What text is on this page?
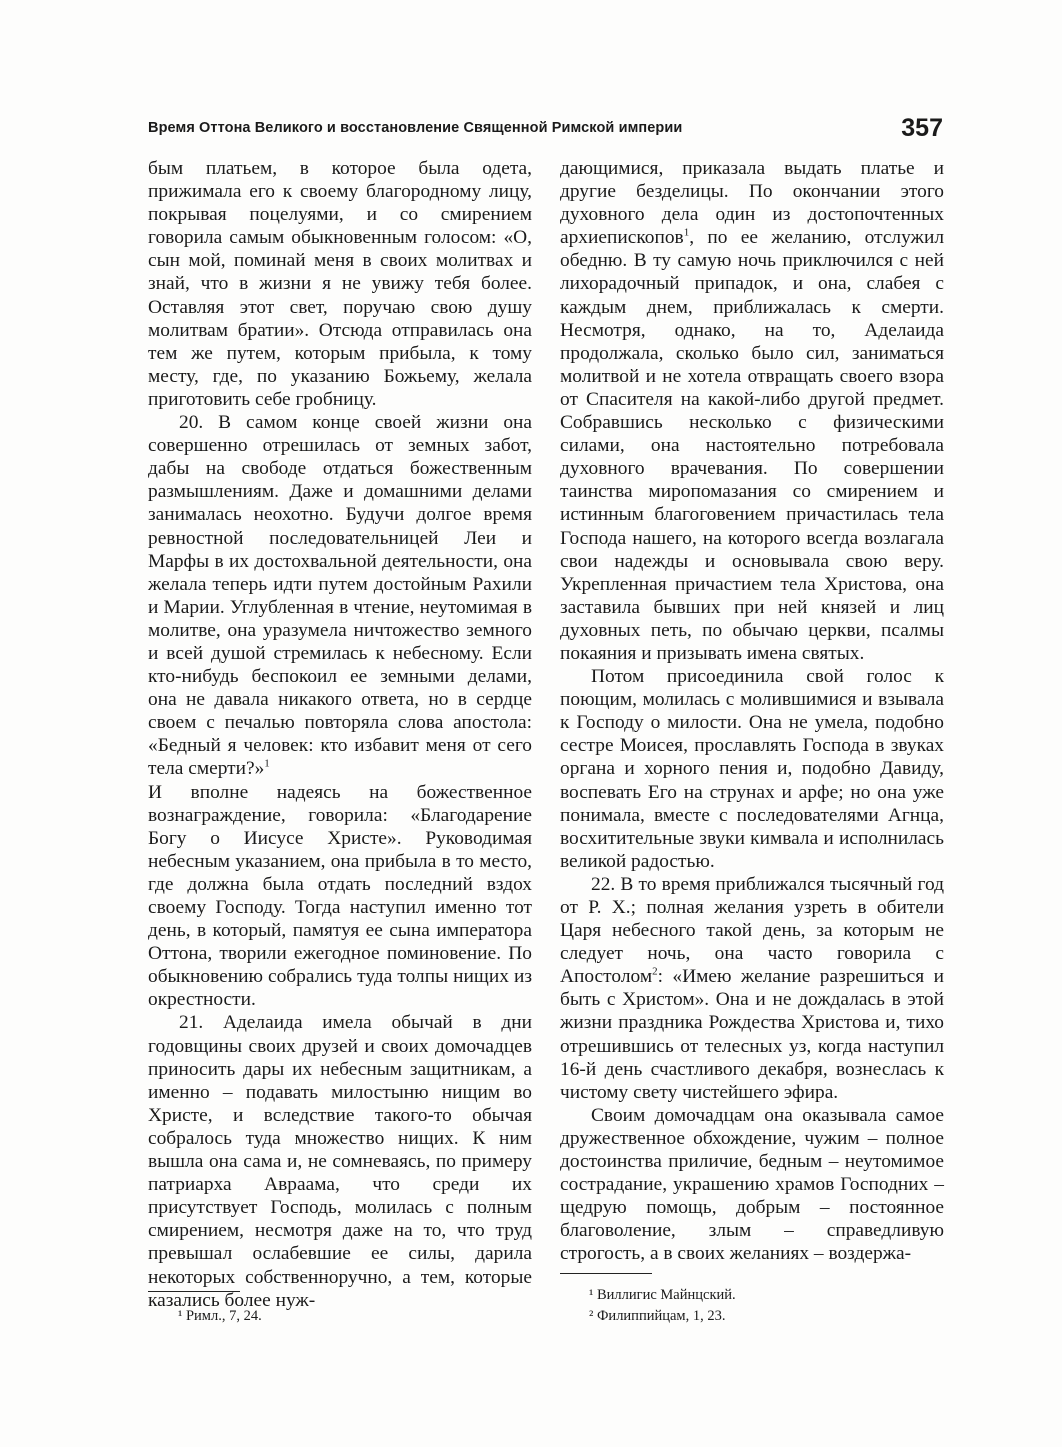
Время Оттона Великого и восстановление Священной Римской империи	357

бым платьем, в которое была одета, прижимала его к своему благородному лицу, покрывая поцелуями, и со смирением говорила самым обыкновенным голосом: «О, сын мой, поминай меня в своих молитвах и знай, что в жизни я не увижу тебя более. Оставляя этот свет, поручаю свою душу молитвам братии». Отсюда отправилась она тем же путем, которым прибыла, к тому месту, где, по указанию Божьему, желала приготовить себе гробницу.

20. В самом конце своей жизни она совершенно отрешилась от земных забот, дабы на свободе отдаться божественным размышлениям. Даже и домашними делами занималась неохотно. Будучи долгое время ревностной последовательницей Леи и Марфы в их достохвальной деятельности, она желала теперь идти путем достойным Рахили и Марии. Углубленная в чтение, неутомимая в молитве, она уразумела ничтожество земного и всей душой стремилась к небесному. Если кто-нибудь беспокоил ее земными делами, она не давала никакого ответа, но в сердце своем с печалью повторяла слова апостола: «Бедный я человек: кто избавит меня от сего тела смерти?»$^1$

И вполне надеясь на божественное вознаграждение, говорила: «Благодарение Богу о Иисусе Христе». Руководимая небесным указанием, она прибыла в то место, где должна была отдать последний вздох своему Господу. Тогда наступил именно тот день, в который, памятуя ее сына императора Оттона, творили ежегодное поминовение. По обыкновению собрались туда толпы нищих из окрестности.

21. Аделаида имела обычай в дни годовщины своих друзей и своих домочадцев приносить дары их небесным защитникам, а именно – подавать милостыню нищим во Христе, и вследствие такого-то обычая собралось туда множество нищих. К ним вышла она сама и, не сомневаясь, по примеру патриарха Авраама, что среди их присутствует Господь, молилась с полным смирением, несмотря даже на то, что труд превышал ослабевшие ее силы, дарила некоторых собственноручно, а тем, которые казались более нуж-

¹ Римл., 7, 24.

дающимися, приказала выдать платье и другие безделицы. По окончании этого духовного дела один из достопочтенных архиепископов$^1$, по ее желанию, отслужил обедню. В ту самую ночь приключился с ней лихорадочный припадок, и она, слабея с каждым днем, приближалась к смерти. Несмотря, однако, на то, Аделаида продолжала, сколько было сил, заниматься молитвой и не хотела отвращать своего взора от Спасителя на какой-либо другой предмет. Собравшись несколько с физическими силами, она настоятельно потребовала духовного врачевания. По совершении таинства миропомазания со смирением и истинным благоговением причастилась тела Господа нашего, на которого всегда возлагала свои надежды и основывала свою веру. Укрепленная причастием тела Христова, она заставила бывших при ней князей и лиц духовных петь, по обычаю церкви, псалмы покаяния и призывать имена святых.

Потом присоединила свой голос к поющим, молилась с молившимися и взывала к Господу о милости. Она не умела, подобно сестре Моисея, прославлять Господа в звуках органа и хорного пения и, подобно Давиду, воспевать Его на струнах и арфе; но она уже понимала, вместе с последователями Агнца, восхитительные звуки кимвала и исполнилась великой радостью.

22. В то время приближался тысячный год от Р. Х.; полная желания узреть в обители Царя небесного такой день, за которым не следует ночь, она часто говорила с Апостолом$^2$: «Имею желание разрешиться и быть с Христом». Она и не дождалась в этой жизни праздника Рождества Христова и, тихо отрешившись от телесных уз, когда наступил 16-й день счастливого декабря, вознеслась к чистому свету чистейшего эфира.

Своим домочадцам она оказывала самое дружественное обхождение, чужим – полное достоинства приличие, бедным – неутомимое сострадание, украшению храмов Господних – щедрую помощь, добрым – постоянное благоволение, злым – справедливую строгость, а в своих желаниях – воздержа-

¹ Виллигис Майнцский.
² Филиппийцам, 1, 23.
